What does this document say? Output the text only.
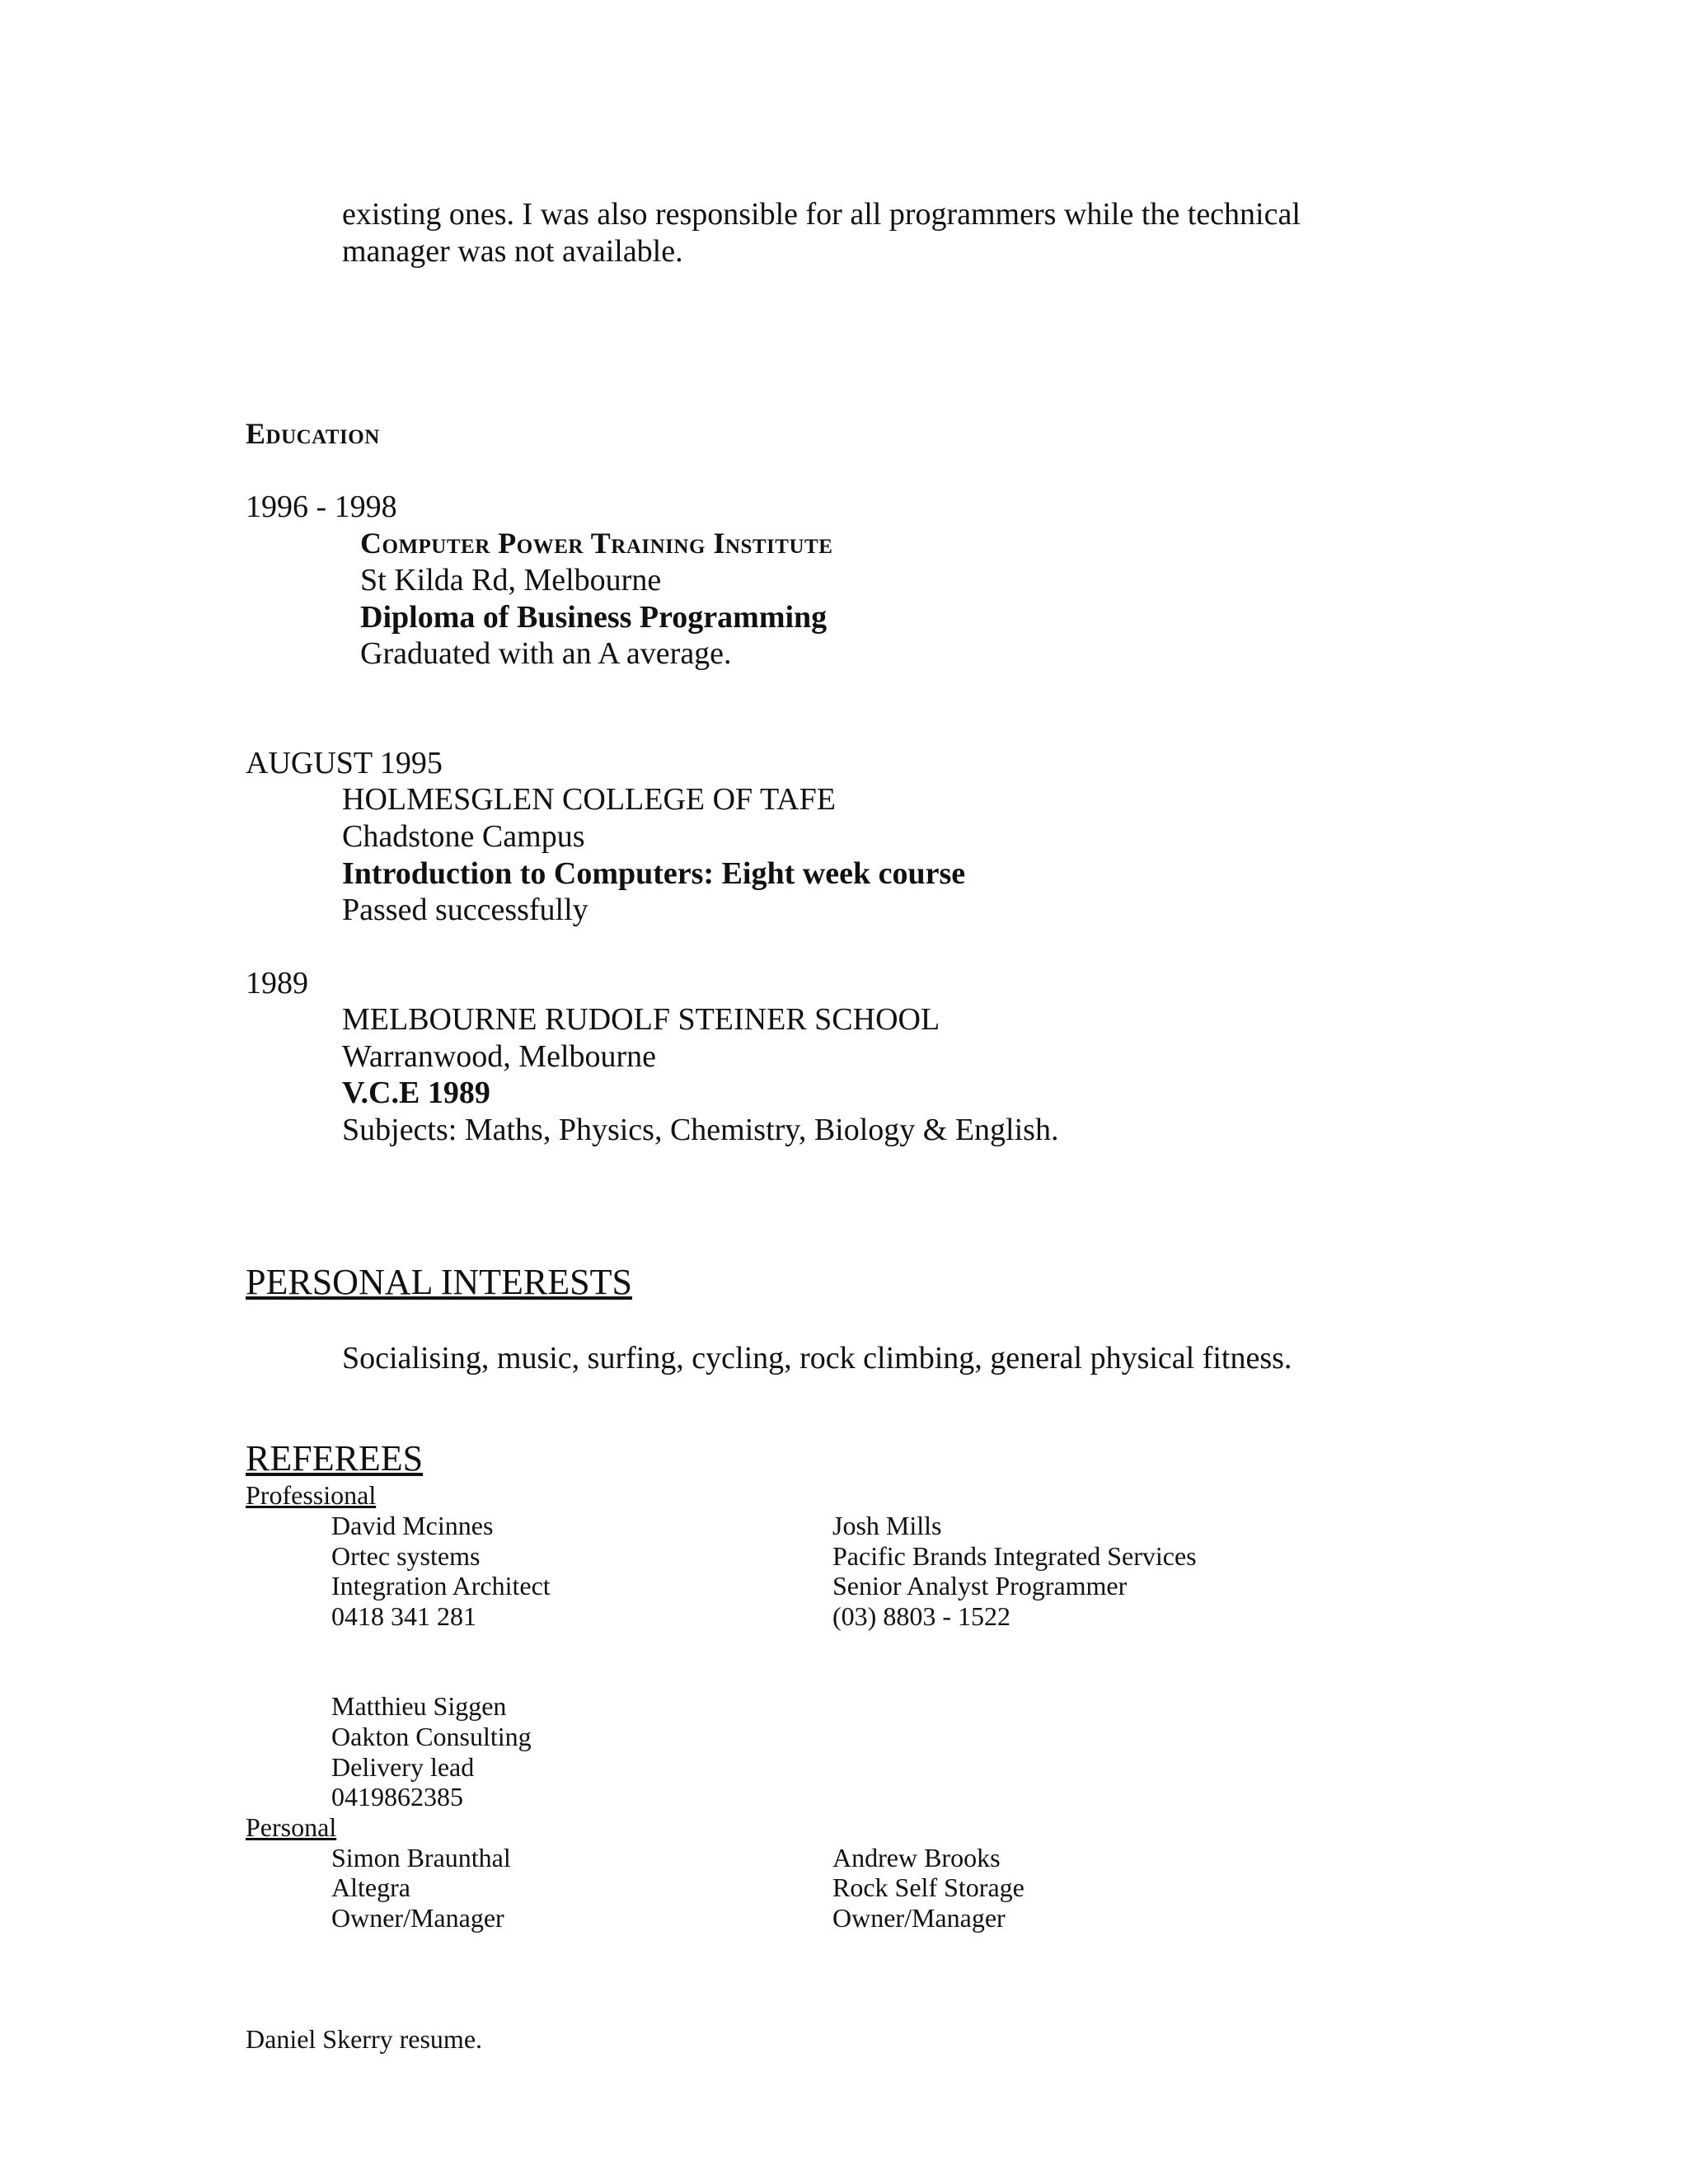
existing ones. I was also responsible for all programmers while the technical
manager was not available.
Education
1996 - 1998
Computer Power Training Institute
St Kilda Rd, Melbourne
Diploma of Business Programming
Graduated with an A average.
AUGUST 1995
HOLMESGLEN COLLEGE OF TAFE
Chadstone Campus
Introduction to Computers: Eight week course
Passed successfully
1989
MELBOURNE RUDOLF STEINER SCHOOL
Warranwood, Melbourne
V.C.E 1989
Subjects: Maths, Physics, Chemistry, Biology & English.
PERSONAL INTERESTS
Socialising, music, surfing, cycling, rock climbing, general physical fitness.
REFEREES
Professional
David Mcinnes
Ortec systems
Integration Architect
0418 341 281
Josh Mills
Pacific Brands Integrated Services
Senior Analyst Programmer
(03) 8803 - 1522
Matthieu Siggen
Oakton Consulting
Delivery lead
0419862385
Personal
Simon Braunthal
Altegra
Owner/Manager
Andrew Brooks
Rock Self Storage
Owner/Manager
Daniel Skerry resume.
